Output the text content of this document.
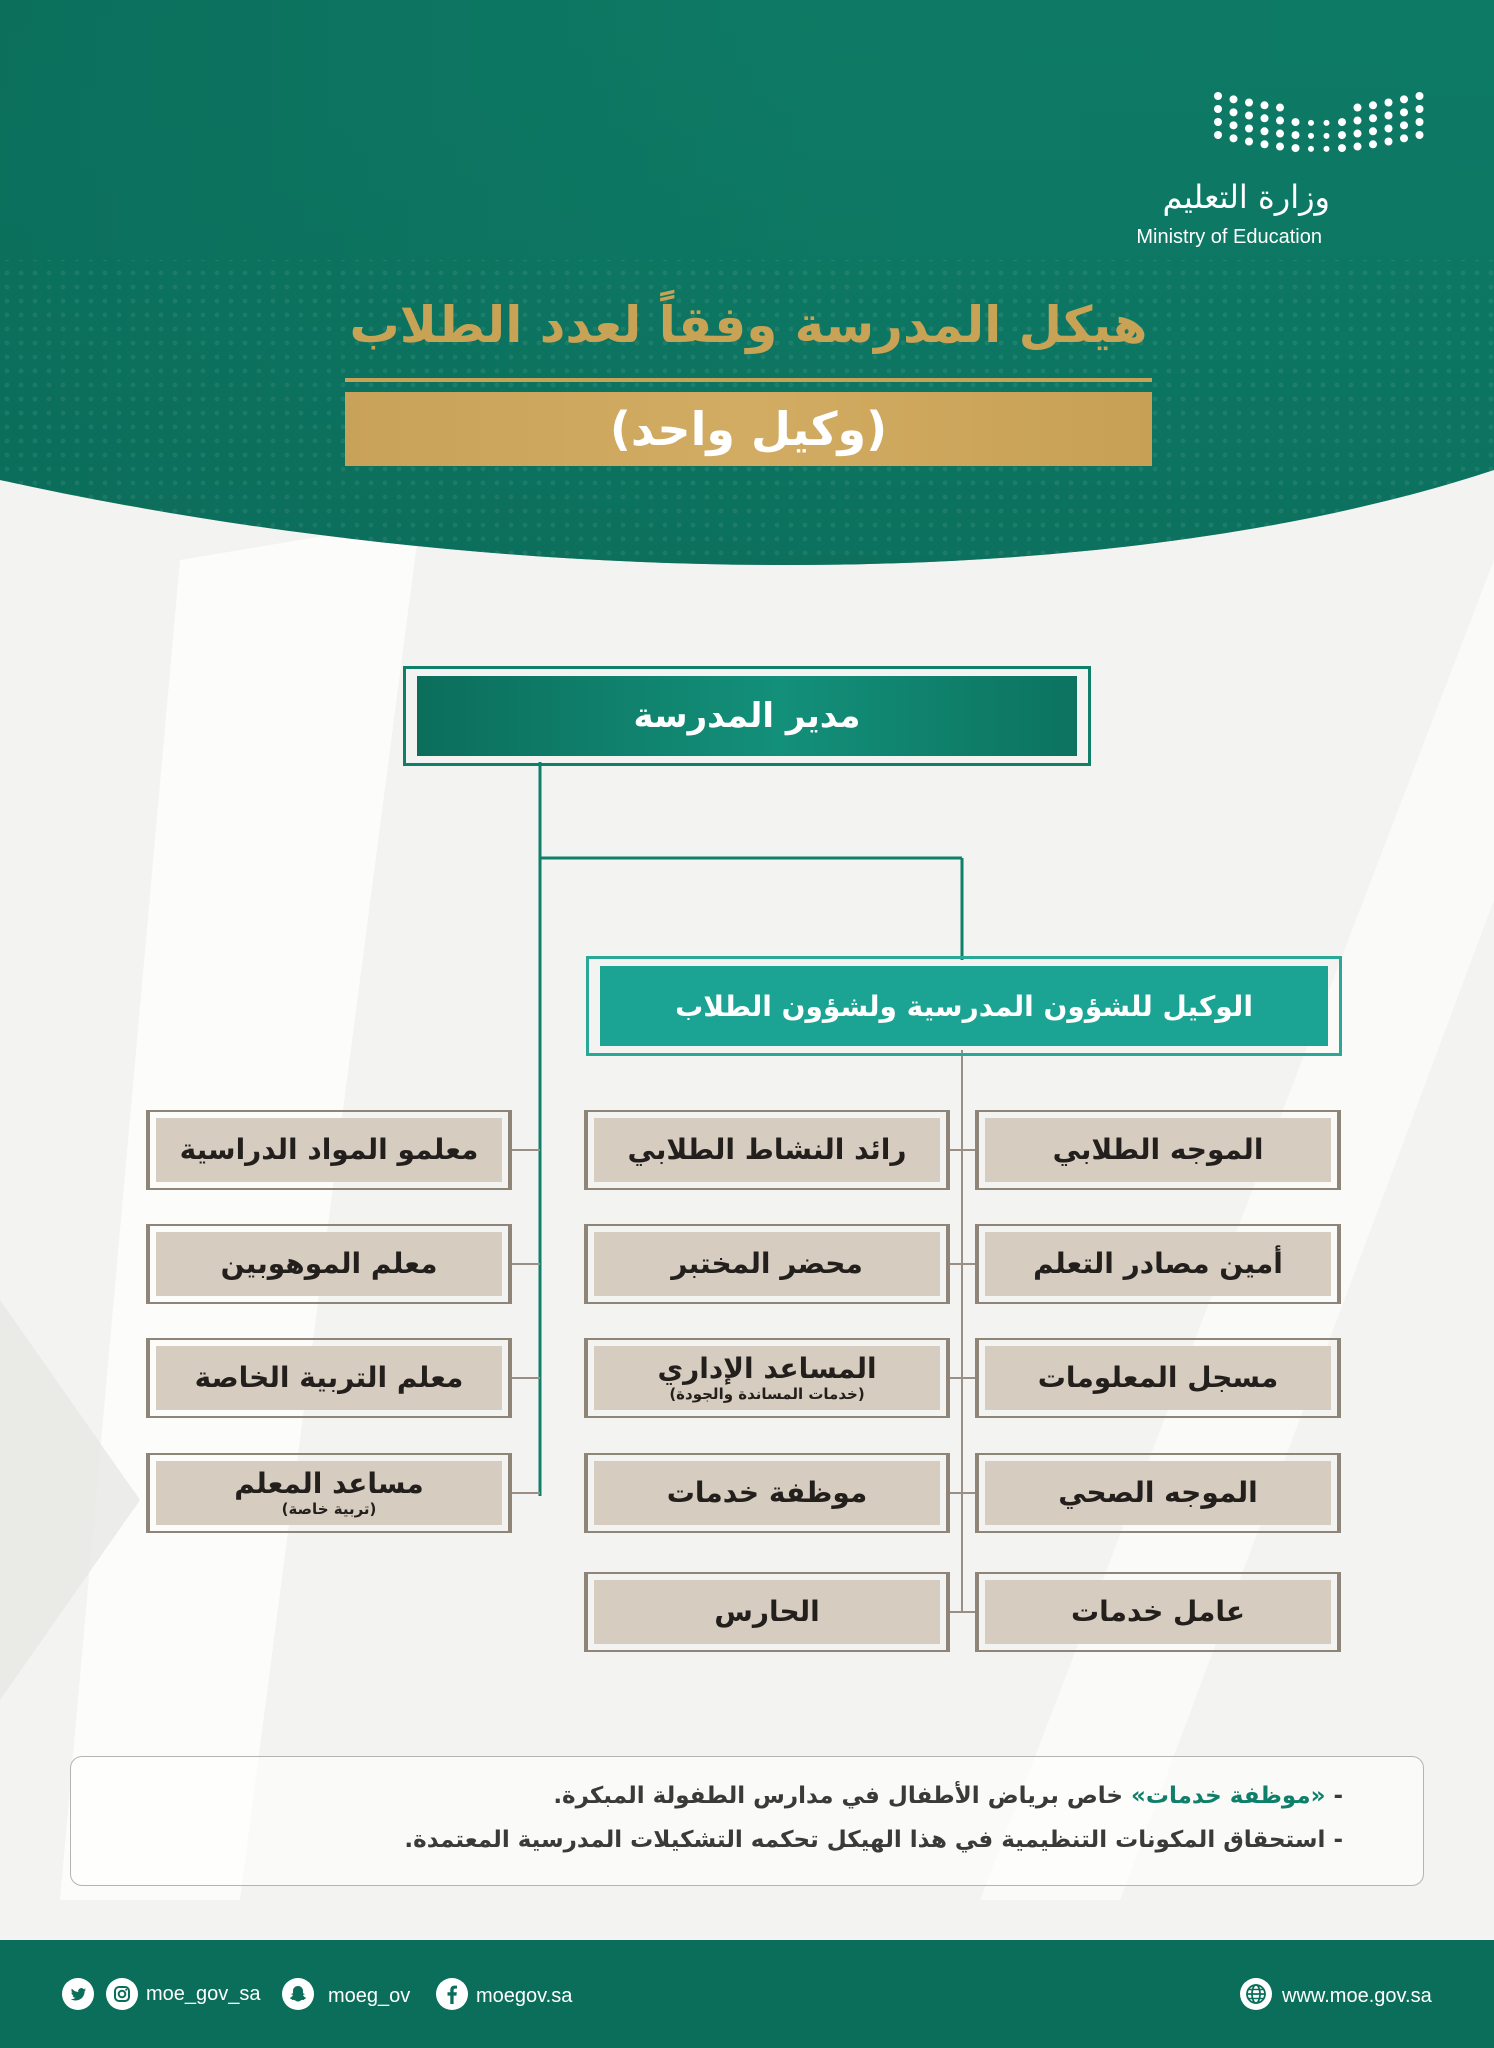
وزارة التعليم
Ministry of Education
هيكل المدرسة وفقاً لعدد الطلاب
(وكيل واحد)
مدير المدرسة
الوكيل للشؤون المدرسية ولشؤون الطلاب
معلمو المواد الدراسية
معلم الموهوبين
معلم التربية الخاصة
مساعد المعلم
(تربية خاصة)
رائد النشاط الطلابي
محضر المختبر
المساعد الإداري
(خدمات المساندة والجودة)
موظفة خدمات
الحارس
الموجه الطلابي
أمين مصادر التعلم
مسجل المعلومات
الموجه الصحي
عامل خدمات
- «موظفة خدمات» خاص برياض الأطفال في مدارس الطفولة المبكرة.
- استحقاق المكونات التنظيمية في هذا الهيكل تحكمه التشكيلات المدرسية المعتمدة.
moe_gov_sa	moeg_ov	moegov.sa	www.moe.gov.sa
